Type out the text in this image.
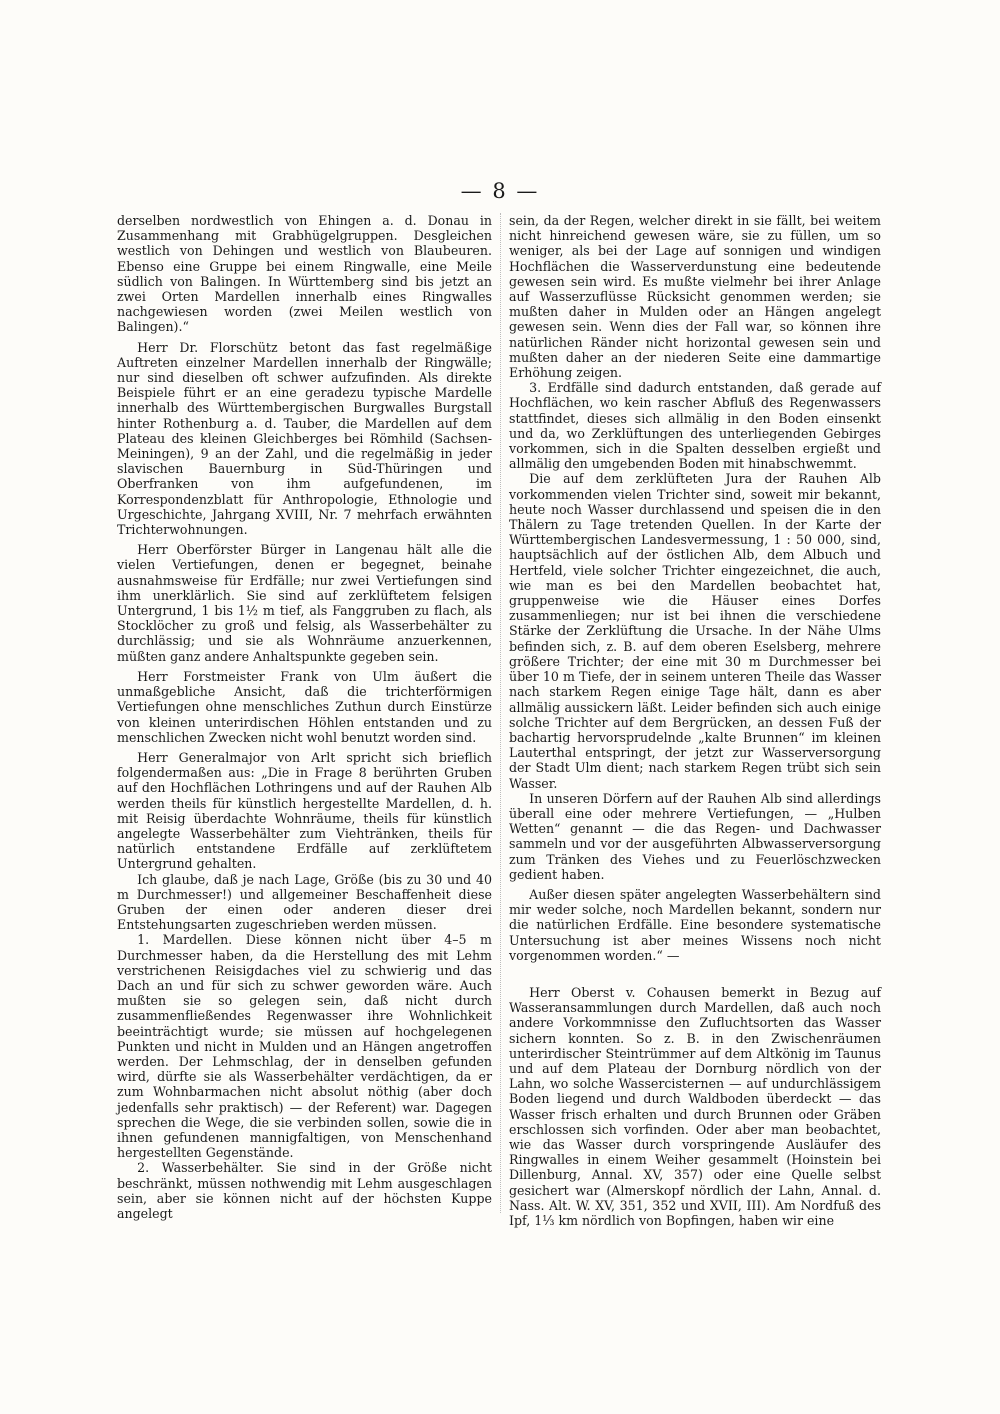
— 8 —

derselben nordwestlich von Ehingen a. d. Donau in Zusammenhang mit Grabhügelgruppen. Desgleichen westlich von Dehingen und westlich von Blaubeuren. Ebenso eine Gruppe bei einem Ringwalle, eine Meile südlich von Balingen. In Württemberg sind bis jetzt an zwei Orten Mardellen innerhalb eines Ringwalles nachgewiesen worden (zwei Meilen westlich von Balingen).“

Herr Dr. Florschütz betont das fast regelmäßige Auftreten einzelner Mardellen innerhalb der Ringwälle; nur sind dieselben oft schwer aufzufinden. Als direkte Beispiele führt er an eine geradezu typische Mardelle innerhalb des Württembergischen Burgwalles Burgstall hinter Rothenburg a. d. Tauber, die Mardellen auf dem Plateau des kleinen Gleichberges bei Römhild (Sachsen-Meiningen), 9 an der Zahl, und die regelmäßig in jeder slavischen Bauernburg in Süd-Thüringen und Oberfranken von ihm aufgefundenen, im Korrespondenzblatt für Anthropologie, Ethnologie und Urgeschichte, Jahrgang XVIII, Nr. 7 mehrfach erwähnten Trichterwohnungen.

Herr Oberförster Bürger in Langenau hält alle die vielen Vertiefungen, denen er begegnet, beinahe ausnahmsweise für Erdfälle; nur zwei Vertiefungen sind ihm unerklärlich. Sie sind auf zerklüftetem felsigen Untergrund, 1 bis 1½ m tief, als Fanggruben zu flach, als Stocklöcher zu groß und felsig, als Wasserbehälter zu durchlässig; und sie als Wohnräume anzuerkennen, müßten ganz andere Anhaltspunkte gegeben sein.

Herr Forstmeister Frank von Ulm äußert die unmaßgebliche Ansicht, daß die trichterförmigen Vertiefungen ohne menschliches Zuthun durch Einstürze von kleinen unterirdischen Höhlen entstanden und zu menschlichen Zwecken nicht wohl benutzt worden sind.

Herr Generalmajor von Arlt spricht sich brieflich folgendermaßen aus: „Die in Frage 8 berührten Gruben auf den Hochflächen Lothringens und auf der Rauhen Alb werden theils für künstlich hergestellte Mardellen, d. h. mit Reisig überdachte Wohnräume, theils für künstlich angelegte Wasserbehälter zum Viehtränken, theils für natürlich entstandene Erdfälle auf zerklüftetem Untergrund gehalten.

Ich glaube, daß je nach Lage, Größe (bis zu 30 und 40 m Durchmesser!) und allgemeiner Beschaffenheit diese Gruben der einen oder anderen dieser drei Entstehungsarten zugeschrieben werden müssen.

1. Mardellen. Diese können nicht über 4–5 m Durchmesser haben, da die Herstellung des mit Lehm verstrichenen Reisigdaches viel zu schwierig und das Dach an und für sich zu schwer geworden wäre. Auch mußten sie so gelegen sein, daß nicht durch zusammenfließendes Regenwasser ihre Wohnlichkeit beeinträchtigt wurde; sie müssen auf hochgelegenen Punkten und nicht in Mulden und an Hängen angetroffen werden. Der Lehmschlag, der in denselben gefunden wird, dürfte sie als Wasserbehälter verdächtigen, da er zum Wohnbarmachen nicht absolut nöthig (aber doch jedenfalls sehr praktisch) — der Referent) war. Dagegen sprechen die Wege, die sie verbinden sollen, sowie die in ihnen gefundenen mannigfaltigen, von Menschenhand hergestellten Gegenstände.

2. Wasserbehälter. Sie sind in der Größe nicht beschränkt, müssen nothwendig mit Lehm ausgeschlagen sein, aber sie können nicht auf der höchsten Kuppe angelegt

sein, da der Regen, welcher direkt in sie fällt, bei weitem nicht hinreichend gewesen wäre, sie zu füllen, um so weniger, als bei der Lage auf sonnigen und windigen Hochflächen die Wasserverdunstung eine bedeutende gewesen sein wird. Es mußte vielmehr bei ihrer Anlage auf Wasserzuflüsse Rücksicht genommen werden; sie mußten daher in Mulden oder an Hängen angelegt gewesen sein. Wenn dies der Fall war, so können ihre natürlichen Ränder nicht horizontal gewesen sein und mußten daher an der niederen Seite eine dammartige Erhöhung zeigen.

3. Erdfälle sind dadurch entstanden, daß gerade auf Hochflächen, wo kein rascher Abfluß des Regenwassers stattfindet, dieses sich allmälig in den Boden einsenkt und da, wo Zerklüftungen des unterliegenden Gebirges vorkommen, sich in die Spalten desselben ergießt und allmälig den umgebenden Boden mit hinabschwemmt.

Die auf dem zerklüfteten Jura der Rauhen Alb vorkommenden vielen Trichter sind, soweit mir bekannt, heute noch Wasser durchlassend und speisen die in den Thälern zu Tage tretenden Quellen. In der Karte der Württembergischen Landesvermessung, 1 : 50 000, sind, hauptsächlich auf der östlichen Alb, dem Albuch und Hertfeld, viele solcher Trichter eingezeichnet, die auch, wie man es bei den Mardellen beobachtet hat, gruppenweise wie die Häuser eines Dorfes zusammenliegen; nur ist bei ihnen die verschiedene Stärke der Zerklüftung die Ursache. In der Nähe Ulms befinden sich, z. B. auf dem oberen Eselsberg, mehrere größere Trichter; der eine mit 30 m Durchmesser bei über 10 m Tiefe, der in seinem unteren Theile das Wasser nach starkem Regen einige Tage hält, dann es aber allmälig aussickern läßt. Leider befinden sich auch einige solche Trichter auf dem Bergrücken, an dessen Fuß der bachartig hervorsprudelnde „kalte Brunnen“ im kleinen Lauterthal entspringt, der jetzt zur Wasserversorgung der Stadt Ulm dient; nach starkem Regen trübt sich sein Wasser.

In unseren Dörfern auf der Rauhen Alb sind allerdings überall eine oder mehrere Vertiefungen, — „Hulben Wetten“ genannt — die das Regen- und Dachwasser sammeln und vor der ausgeführten Albwasserversorgung zum Tränken des Viehes und zu Feuerlöschzwecken gedient haben.

Außer diesen später angelegten Wasserbehältern sind mir weder solche, noch Mardellen bekannt, sondern nur die natürlichen Erdfälle. Eine besondere systematische Untersuchung ist aber meines Wissens noch nicht vorgenommen worden.“ —

Herr Oberst v. Cohausen bemerkt in Bezug auf Wasseransammlungen durch Mardellen, daß auch noch andere Vorkommnisse den Zufluchtsorten das Wasser sichern konnten. So z. B. in den Zwischenräumen unterirdischer Steintrümmer auf dem Altkönig im Taunus und auf dem Plateau der Dornburg nördlich von der Lahn, wo solche Wassercisternen — auf undurchlässigem Boden liegend und durch Waldboden überdeckt — das Wasser frisch erhalten und durch Brunnen oder Gräben erschlossen sich vorfinden. Oder aber man beobachtet, wie das Wasser durch vorspringende Ausläufer des Ringwalles in einem Weiher gesammelt (Hoinstein bei Dillenburg, Annal. XV, 357) oder eine Quelle selbst gesichert war (Almerskopf nördlich der Lahn, Annal. d. Nass. Alt. W. XV, 351, 352 und XVII, III). Am Nordfuß des Ipf, 1⅓ km nördlich von Bopfingen, haben wir eine
